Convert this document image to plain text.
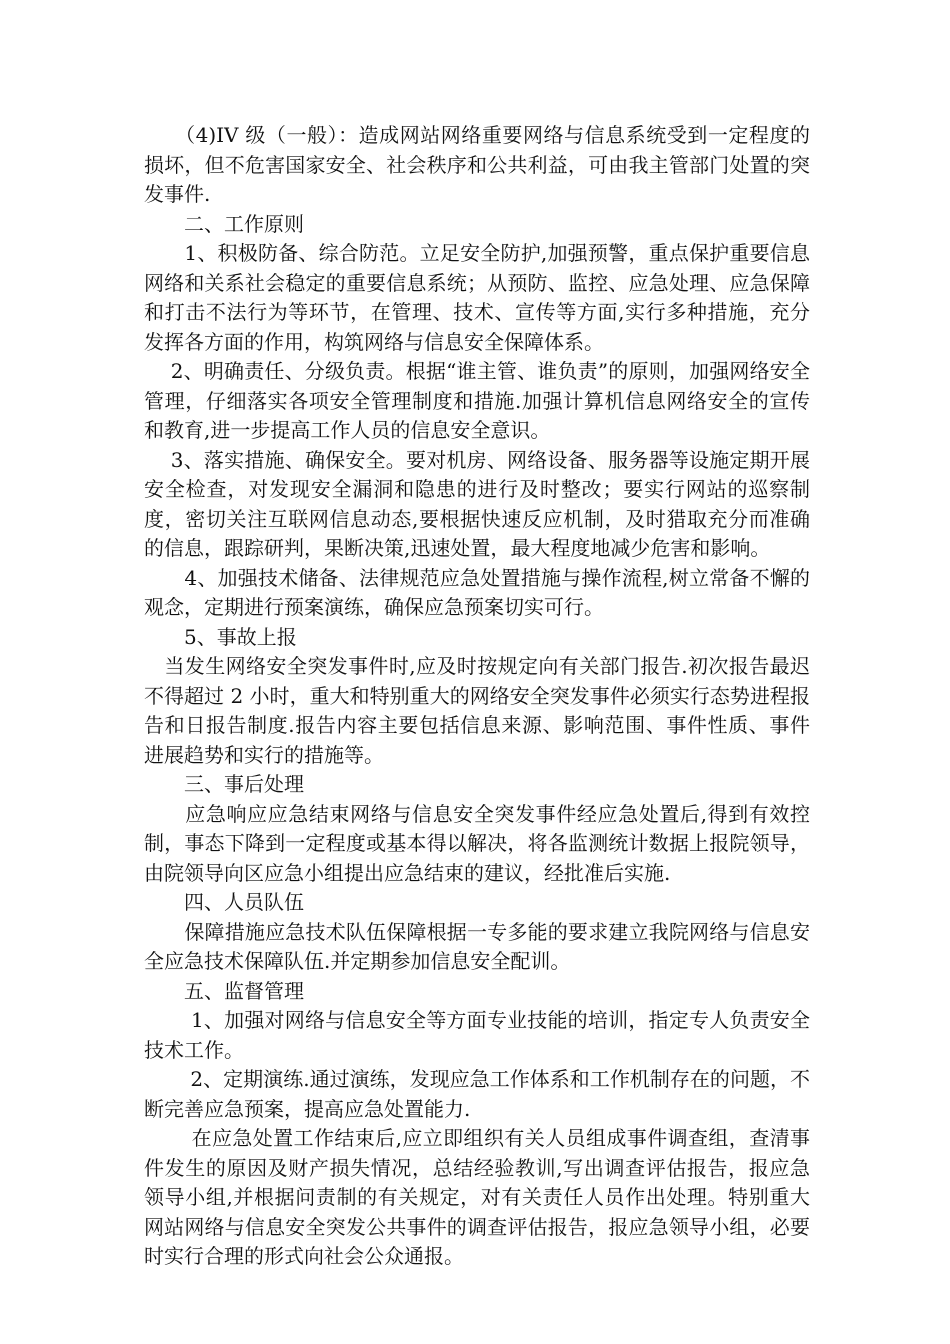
　　（4)IV 级（一般）：造成网站网络重要网络与信息系统受到一定程度的损坏，但不危害国家安全、社会秩序和公共利益，可由我主管部门处置的突发事件.

　　二、工作原则

　　1、积极防备、综合防范。立足安全防护,加强预警，重点保护重要信息网络和关系社会稳定的重要信息系统；从预防、监控、应急处理、应急保障和打击不法行为等环节，在管理、技术、宣传等方面,实行多种措施，充分发挥各方面的作用，构筑网络与信息安全保障体系。

　 2、明确责任、分级负责。根据“谁主管、谁负责”的原则，加强网络安全管理，仔细落实各项安全管理制度和措施.加强计算机信息网络安全的宣传和教育,进一步提高工作人员的信息安全意识。

　 3、落实措施、确保安全。要对机房、网络设备、服务器等设施定期开展安全检查，对发现安全漏洞和隐患的进行及时整改；要实行网站的巡察制度，密切关注互联网信息动态,要根据快速反应机制，及时猎取充分而准确的信息，跟踪研判，果断决策,迅速处置，最大程度地减少危害和影响。

　　4、加强技术储备、法律规范应急处置措施与操作流程,树立常备不懈的观念，定期进行预案演练，确保应急预案切实可行。

　　5、事故上报

　当发生网络安全突发事件时,应及时按规定向有关部门报告.初次报告最迟不得超过 2 小时，重大和特别重大的网络安全突发事件必须实行态势进程报告和日报告制度.报告内容主要包括信息来源、影响范围、事件性质、事件进展趋势和实行的措施等。

　　三、事后处理

　　应急响应应急结束网络与信息安全突发事件经应急处置后,得到有效控制，事态下降到一定程度或基本得以解决，将各监测统计数据上报院领导，由院领导向区应急小组提出应急结束的建议，经批准后实施.

　　四、人员队伍

　　保障措施应急技术队伍保障根据一专多能的要求建立我院网络与信息安全应急技术保障队伍.并定期参加信息安全配训。

　　五、监督管理

　　 1、加强对网络与信息安全等方面专业技能的培训，指定专人负责安全技术工作。

　　 2、定期演练.通过演练，发现应急工作体系和工作机制存在的问题，不断完善应急预案，提高应急处置能力.

　　 在应急处置工作结束后,应立即组织有关人员组成事件调查组，查清事件发生的原因及财产损失情况，总结经验教训,写出调查评估报告，报应急领导小组,并根据问责制的有关规定，对有关责任人员作出处理。特别重大网站网络与信息安全突发公共事件的调查评估报告，报应急领导小组，必要时实行合理的形式向社会公众通报。
